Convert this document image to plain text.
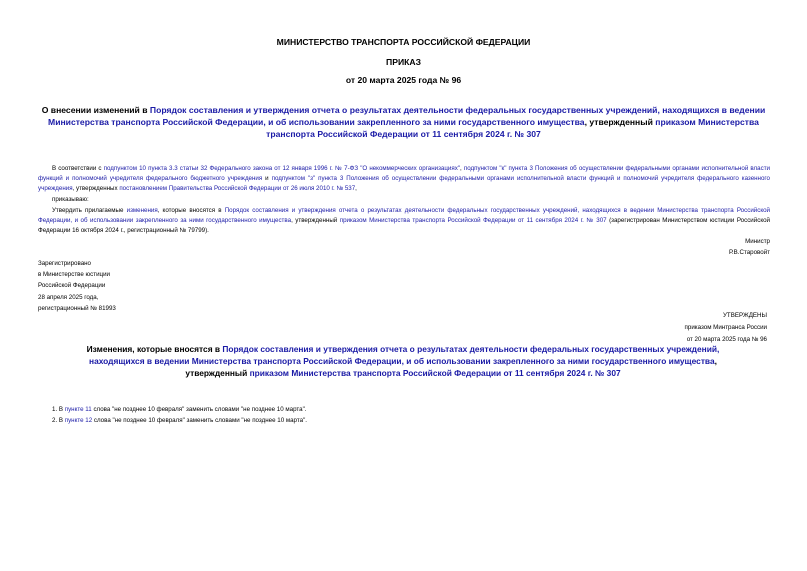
МИНИСТЕРСТВО ТРАНСПОРТА РОССИЙСКОЙ ФЕДЕРАЦИИ
ПРИКАЗ
от 20 марта 2025 года № 96
О внесении изменений в Порядок составления и утверждения отчета о результатах деятельности федеральных государственных учреждений, находящихся в ведении Министерства транспорта Российской Федерации, и об использовании закрепленного за ними государственного имущества, утвержденный приказом Министерства транспорта Российской Федерации от 11 сентября 2024 г. № 307
В соответствии с подпунктом 10 пункта 3.3 статьи 32 Федерального закона от 12 января 1996 г. № 7-ФЗ "О некоммерческих организациях", подпунктом "к" пункта 3 Положения об осуществлении федеральными органами исполнительной власти функций и полномочий учредителя федерального бюджетного учреждения и подпунктом "з" пункта 3 Положения об осуществлении федеральными органами исполнительной власти функций и полномочий учредителя федерального казенного учреждения, утвержденных постановлением Правительства Российской Федерации от 26 июля 2010 г. № 537,
приказываю:
Утвердить прилагаемые изменения, которые вносятся в Порядок составления и утверждения отчета о результатах деятельности федеральных государственных учреждений, находящихся в ведении Министерства транспорта Российской Федерации, и об использовании закрепленного за ними государственного имущества, утвержденный приказом Министерства транспорта Российской Федерации от 11 сентября 2024 г. № 307 (зарегистрирован Министерством юстиции Российской Федерации 16 октября 2024 г., регистрационный № 79799).
Министр
Р.В.Старовойт
Зарегистрировано
в Министерстве юстиции
Российской Федерации
28 апреля 2025 года,
регистрационный № 81993
УТВЕРЖДЕНЫ
приказом Минтранса России
от 20 марта 2025 года № 96
Изменения, которые вносятся в Порядок составления и утверждения отчета о результатах деятельности федеральных государственных учреждений, находящихся в ведении Министерства транспорта Российской Федерации, и об использовании закрепленного за ними государственного имущества, утвержденный приказом Министерства транспорта Российской Федерации от 11 сентября 2024 г. № 307
1. В пункте 11 слова "не позднее 10 февраля" заменить словами "не позднее 10 марта".
2. В пункте 12 слова "не позднее 10 февраля" заменить словами "не позднее 10 марта".
